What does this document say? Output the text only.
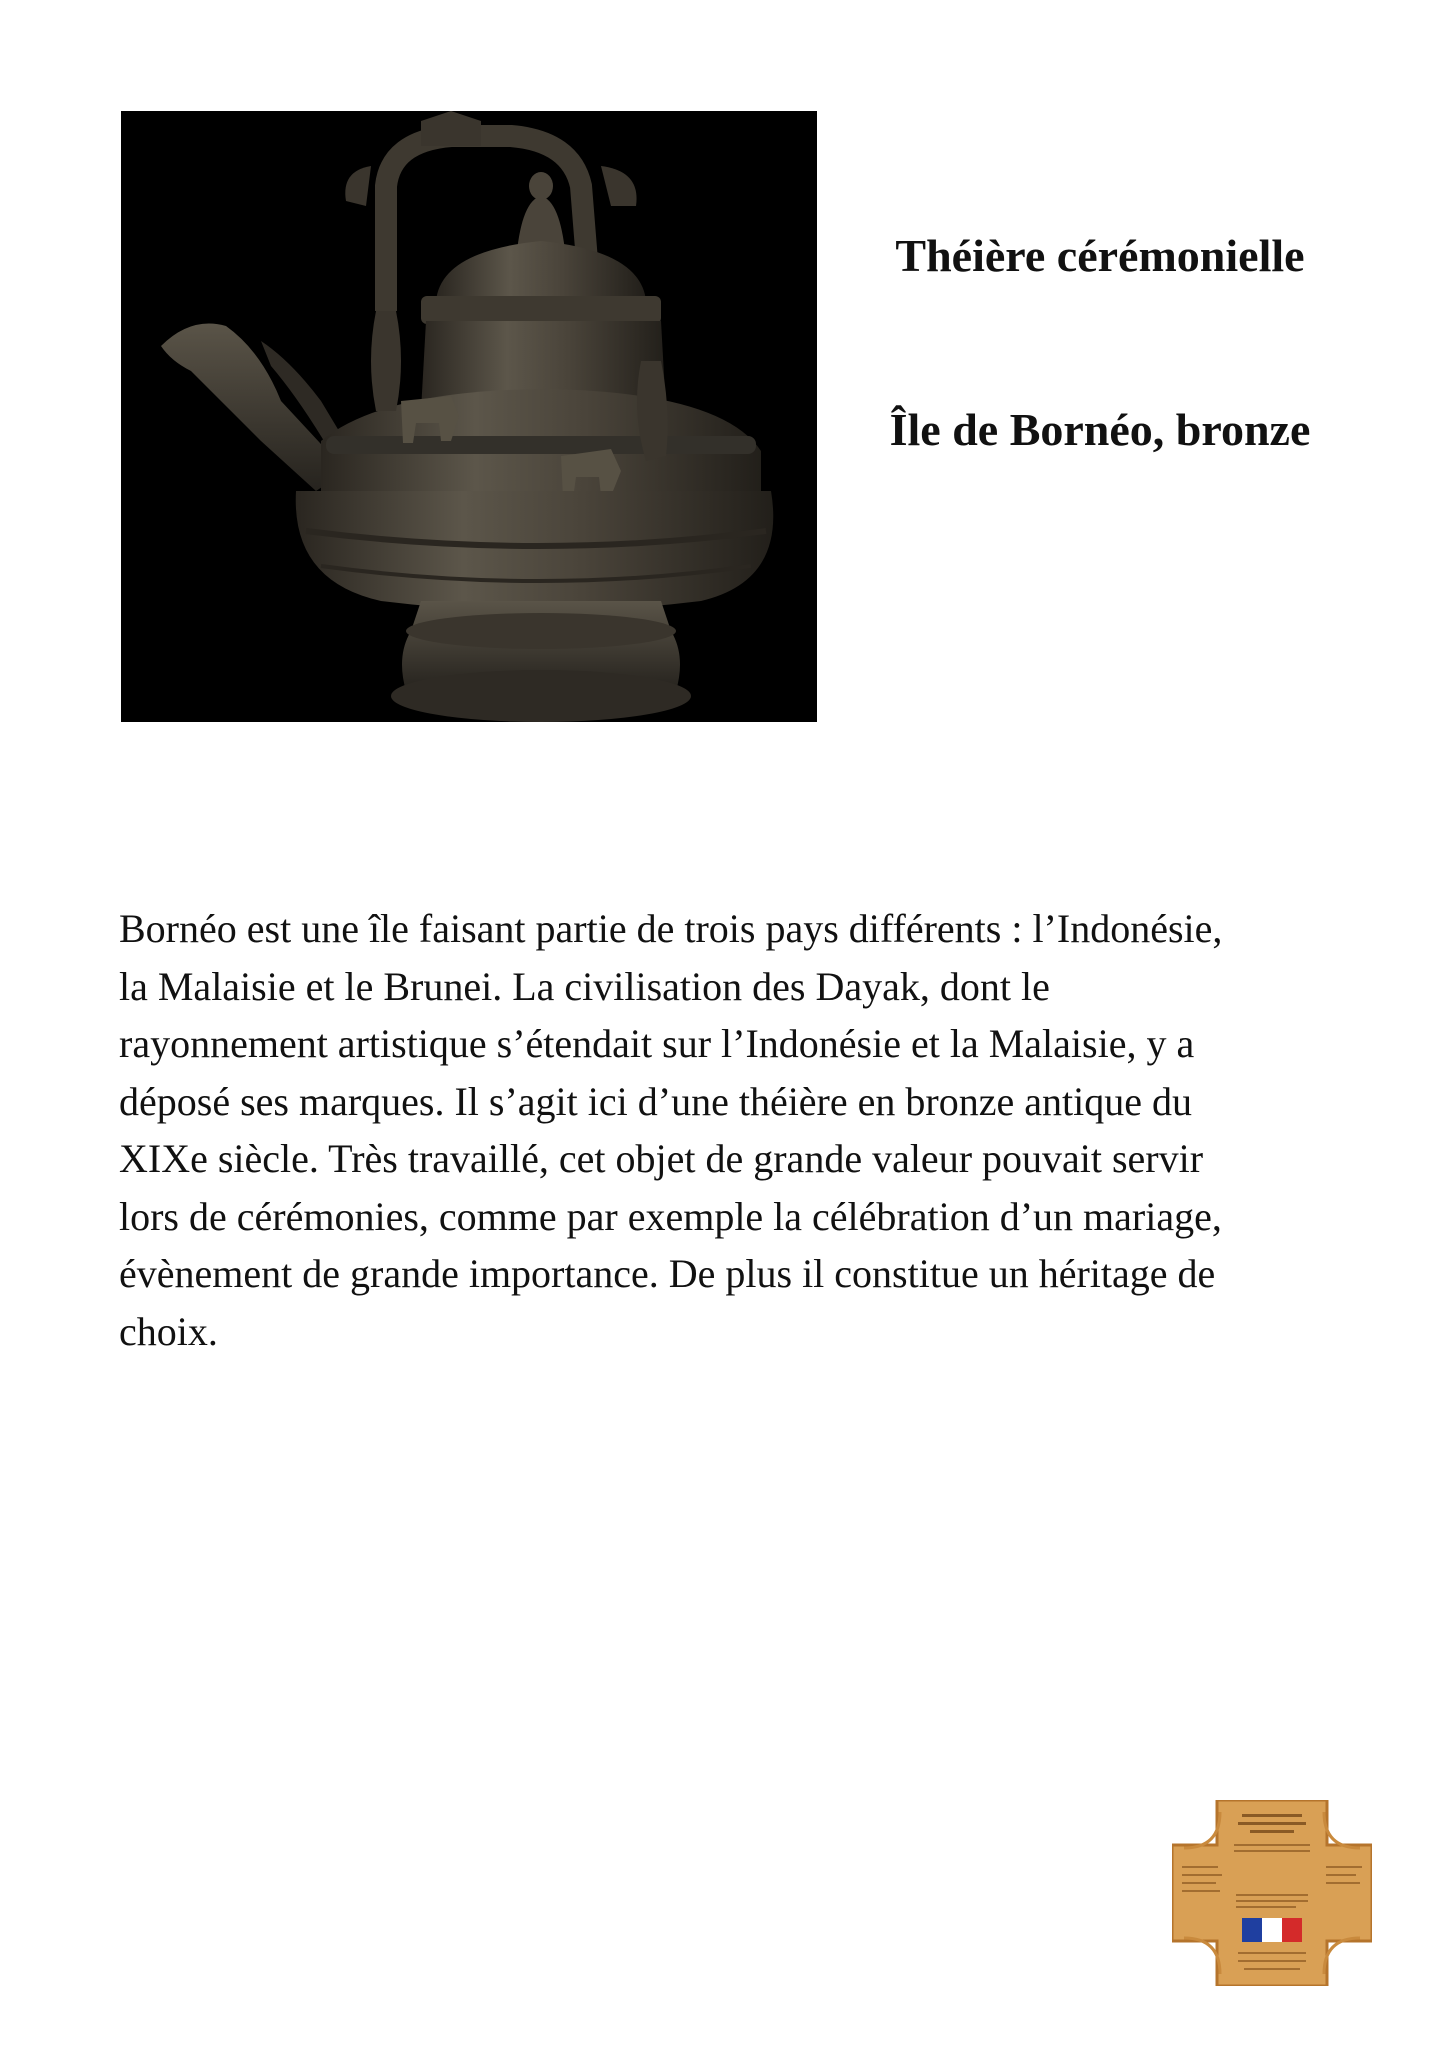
Théière cérémonielle
Île de Bornéo, bronze

Bornéo est une île faisant partie de trois pays différents : l’Indonésie,
la Malaisie et le Brunei. La civilisation des Dayak, dont le
rayonnement artistique s’étendait sur l’Indonésie et la Malaisie, y a
déposé ses marques. Il s’agit ici d’une théière en bronze antique du
XIXe siècle. Très travaillé, cet objet de grande valeur pouvait servir
lors de cérémonies, comme par exemple la célébration d’un mariage,
évènement de grande importance. De plus il constitue un héritage de
choix.
